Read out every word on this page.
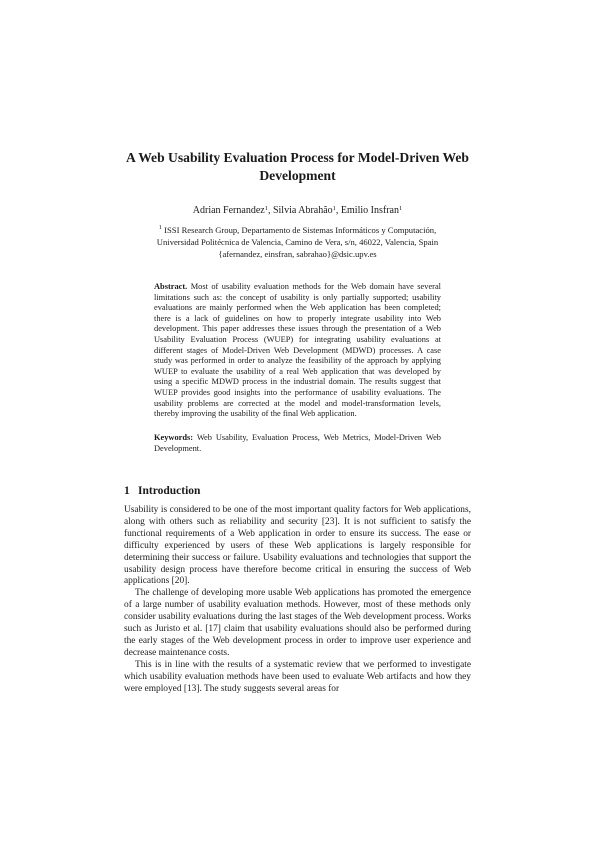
A Web Usability Evaluation Process for Model-Driven Web Development
Adrian Fernandez$^1$, Silvia Abrahão$^1$, Emilio Insfran$^1$
$^1$ ISSI Research Group, Departamento de Sistemas Informáticos y Computación,
Universidad Politécnica de Valencia, Camino de Vera, s/n, 46022, Valencia, Spain
{afernandez, einsfran, sabrahao}@dsic.upv.es

Abstract. Most of usability evaluation methods for the Web domain have several limitations such as: the concept of usability is only partially supported; usability evaluations are mainly performed when the Web application has been completed; there is a lack of guidelines on how to properly integrate usability into Web development. This paper addresses these issues through the presentation of a Web Usability Evaluation Process (WUEP) for integrating usability evaluations at different stages of Model-Driven Web Development (MDWD) processes. A case study was performed in order to analyze the feasibility of the approach by applying WUEP to evaluate the usability of a real Web application that was developed by using a specific MDWD process in the industrial domain. The results suggest that WUEP provides good insights into the performance of usability evaluations. The usability problems are corrected at the model and model-transformation levels, thereby improving the usability of the final Web application.

Keywords: Web Usability, Evaluation Process, Web Metrics, Model-Driven Web Development.

1 Introduction

Usability is considered to be one of the most important quality factors for Web applications, along with others such as reliability and security [23]. It is not sufficient to satisfy the functional requirements of a Web application in order to ensure its success. The ease or difficulty experienced by users of these Web applications is largely responsible for determining their success or failure. Usability evaluations and technologies that support the usability design process have therefore become critical in ensuring the success of Web applications [20].

The challenge of developing more usable Web applications has promoted the emergence of a large number of usability evaluation methods. However, most of these methods only consider usability evaluations during the last stages of the Web development process. Works such as Juristo et al. [17] claim that usability evaluations should also be performed during the early stages of the Web development process in order to improve user experience and decrease maintenance costs.

This is in line with the results of a systematic review that we performed to investigate which usability evaluation methods have been used to evaluate Web artifacts and how they were employed [13]. The study suggests several areas for
